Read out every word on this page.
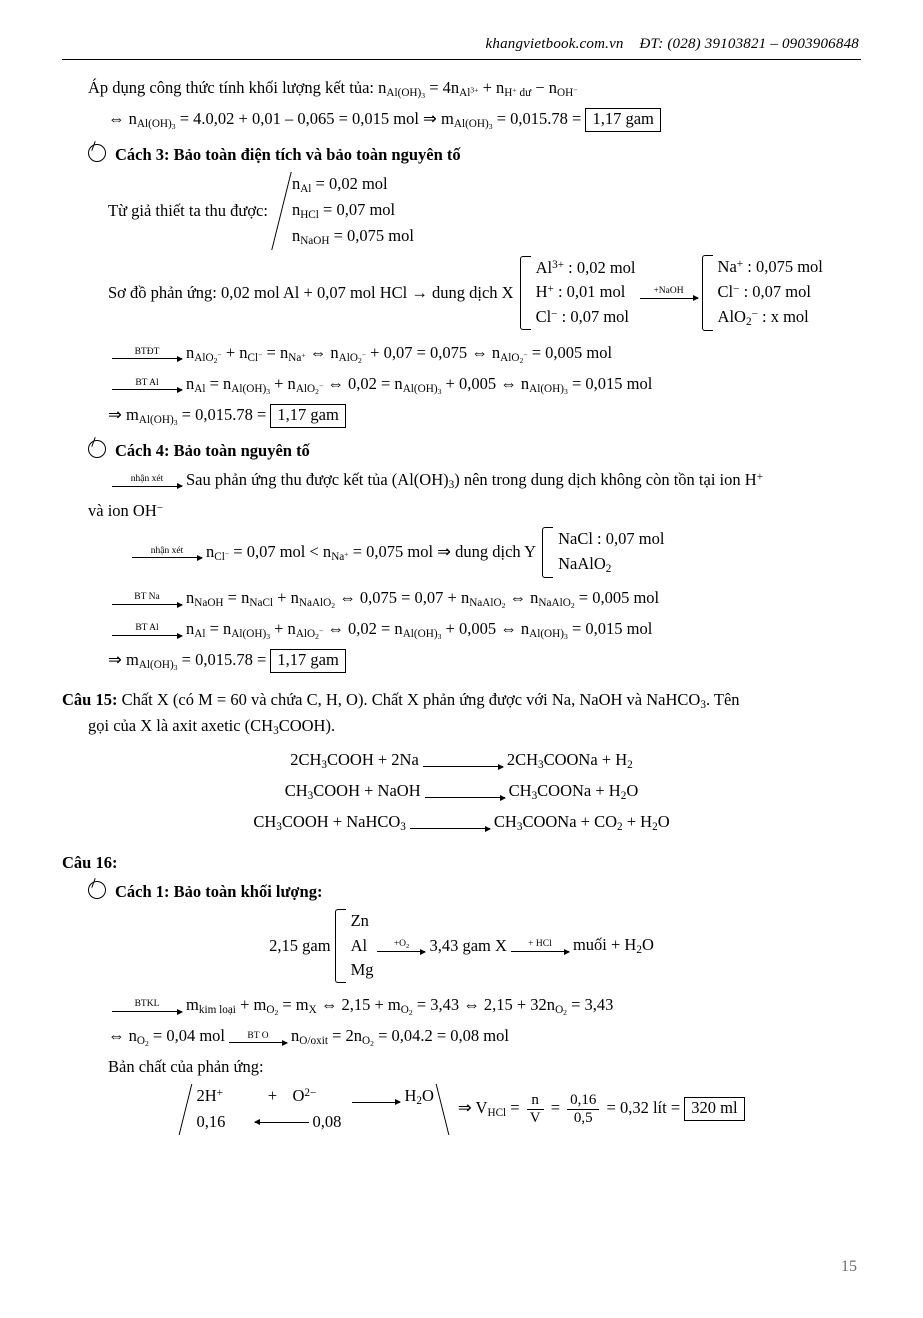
khangvietbook.com.vn ĐT: (028) 39103821 – 0903906848
Áp dụng công thức tính khối lượng kết tủa: $n_{Al(OH)_3} = 4n_{Al^{3+}} + n_{H^+ dư} - n_{OH^-}$
⇔ $n_{Al(OH)_3} = 4.0,02 + 0,01 - 0,065 = 0,015$ mol ⇒ $m_{Al(OH)_3} = 0,015.78 = 1,17$ gam
Cách 3: Bảo toàn điện tích và bảo toàn nguyên tố
Từ giả thiết ta thu được:
$n_{Al} = 0,02$ mol
$n_{HCl} = 0,07$ mol
$n_{NaOH} = 0,075$ mol
Sơ đồ phản ứng: 0,02 mol Al + 0,07 mol HCl → dung dịch X
$Al^{3+}$ : 0,02 mol
H+ : 0,01 mol
Cl− : 0,07 mol
+NaOH
Na+ : 0,075 mol
Cl− : 0,07 mol
AlO$_2$− : x mol
BTĐT	$n_{AlO_2^-} + n_{Cl^-} = n_{Na^+}$ ⇔ $n_{AlO_2^-} + 0,07 = 0,075$ ⇔ $n_{AlO_2^-} = 0,005$ mol
BT Al	$n_{Al} = n_{Al(OH)_3} + n_{AlO_2^-}$ ⇔ $0,02 = n_{Al(OH)_3} + 0,005$ ⇔ $n_{Al(OH)_3} = 0,015$ mol
⇒ $m_{Al(OH)_3} = 0,015.78 = 1,17$ gam
Cách 4: Bảo toàn nguyên tố
nhận xét	Sau phản ứng thu được kết tủa $(Al(OH)_3)$ nên trong dung dịch không còn tồn tại ion H+
và ion OH−
nhận xét	$n_{Cl^-} = 0,07$ mol < $n_{Na^+} = 0,075$ mol ⇒ dung dịch Y
NaCl : 0,07 mol
NaAlO$_2$
BT Na	$n_{NaOH} = n_{NaCl} + n_{NaAlO_2}$ ⇔ $0,075 = 0,07 + n_{NaAlO_2}$ ⇔ $n_{NaAlO_2} = 0,005$ mol
BT Al	$n_{Al} = n_{Al(OH)_3} + n_{AlO_2^-}$ ⇔ $0,02 = n_{Al(OH)_3} + 0,005$ ⇔ $n_{Al(OH)_3} = 0,015$ mol
⇒ $m_{Al(OH)_3} = 0,015.78 = 1,17$ gam
Câu 15: Chất X (có M = 60 và chứa C, H, O). Chất X phản ứng được với Na, NaOH và NaHCO$_3$. Tên
gọi của X là axit axetic $(CH_3COOH)$.
$2CH_3COOH + 2Na$	$2CH_3COONa + H_2$
$CH_3COOH$ + NaOH	$CH_3COONa + H_2O$
$CH_3COOH$ + NaHCO$_3$	$CH_3COONa + CO_2 + H_2O$
Câu 16:
Cách 1: Bảo toàn khối lượng:
2,15 gam
Zn
Al
Mg
$+O_2$	3,43 gam X	+ HCl	muối + $H_2O$
BTKL	$m_{kim loại} + m_{O_2} = m_X$ ⇔ $2,15 + m_{O_2} = 3,43$ ⇔ $2,15 + 32n_{O_2} = 3,43$
⇔ $n_{O_2} = 0,04$ mol	BT O	$n_{O/oxit} = 2n_{O_2} = 0,04.2 = 0,08$ mol
Bản chất của phản ứng:
2H+	+ $O^{2-}$	$H_2O$
0,16	0,08
⇒ $V_{HCl} = \frac{n}{V} = \frac{0,16}{0,5} = 0,32$ lít = 320 ml
15
